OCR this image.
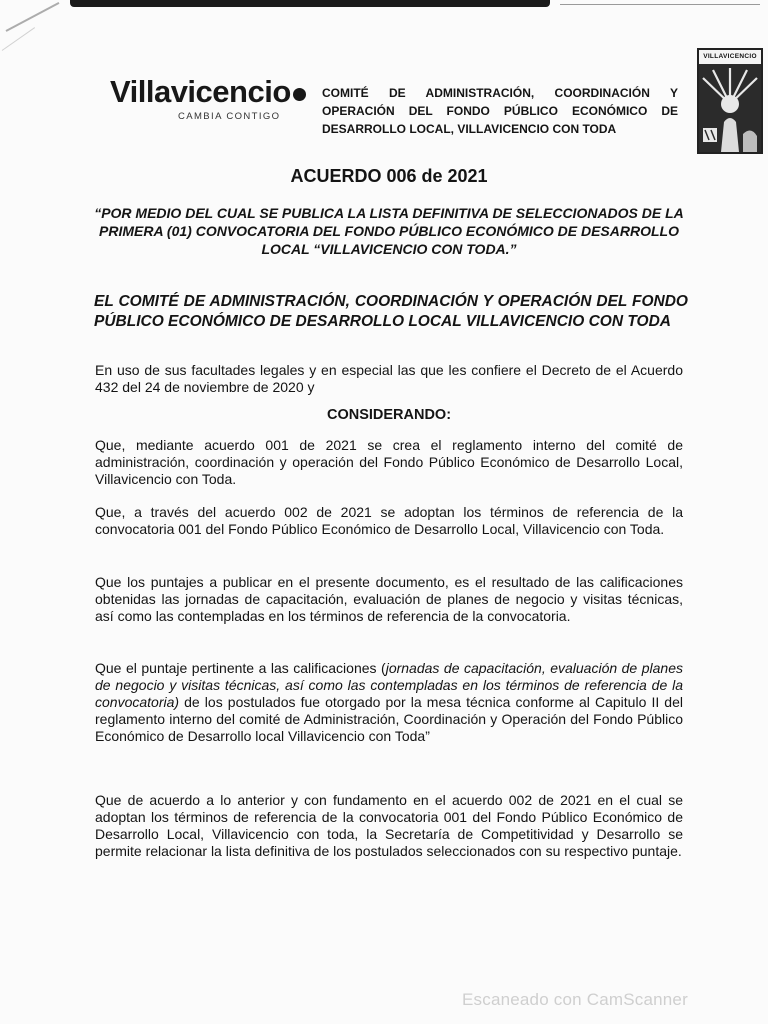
Villavicencio
CAMBIA CONTIGO
COMITÉ DE ADMINISTRACIÓN, COORDINACIÓN Y OPERACIÓN DEL FONDO PÚBLICO ECONÓMICO DE DESARROLLO LOCAL, VILLAVICENCIO CON TODA
VILLAVICENCIO
ACUERDO 006 de 2021
“POR MEDIO DEL CUAL SE PUBLICA LA LISTA DEFINITIVA DE SELECCIONADOS DE LA PRIMERA (01) CONVOCATORIA DEL FONDO PÚBLICO ECONÓMICO DE DESARROLLO LOCAL “VILLAVICENCIO CON TODA.”
EL COMITÉ DE ADMINISTRACIÓN, COORDINACIÓN Y OPERACIÓN DEL FONDO PÚBLICO ECONÓMICO DE DESARROLLO LOCAL VILLAVICENCIO CON TODA
En uso de sus facultades legales y en especial las que les confiere el Decreto de el Acuerdo 432 del 24 de noviembre de 2020 y
CONSIDERANDO:
Que, mediante acuerdo 001 de 2021 se crea el reglamento interno del comité de administración, coordinación y operación del Fondo Público Económico de Desarrollo Local, Villavicencio con Toda.
Que, a través del acuerdo 002 de 2021 se adoptan los términos de referencia de la convocatoria 001 del Fondo Público Económico de Desarrollo Local, Villavicencio con Toda.
Que los puntajes a publicar en el presente documento, es el resultado de las calificaciones obtenidas las jornadas de capacitación, evaluación de planes de negocio y visitas técnicas, así como las contempladas en los términos de referencia de la convocatoria.
Que el puntaje pertinente a las calificaciones (jornadas de capacitación, evaluación de planes de negocio y visitas técnicas, así como las contempladas en los términos de referencia de la convocatoria) de los postulados fue otorgado por la mesa técnica conforme al Capitulo II del reglamento interno del comité de Administración, Coordinación y Operación del Fondo Público Económico de Desarrollo local Villavicencio con Toda”
Que de acuerdo a lo anterior y con fundamento en el acuerdo 002 de 2021 en el cual se adoptan los términos de referencia de la convocatoria 001 del Fondo Público Económico de Desarrollo Local, Villavicencio con toda, la Secretaría de Competitividad y Desarrollo se permite relacionar la lista definitiva de los postulados seleccionados con su respectivo puntaje.
Escaneado con CamScanner
